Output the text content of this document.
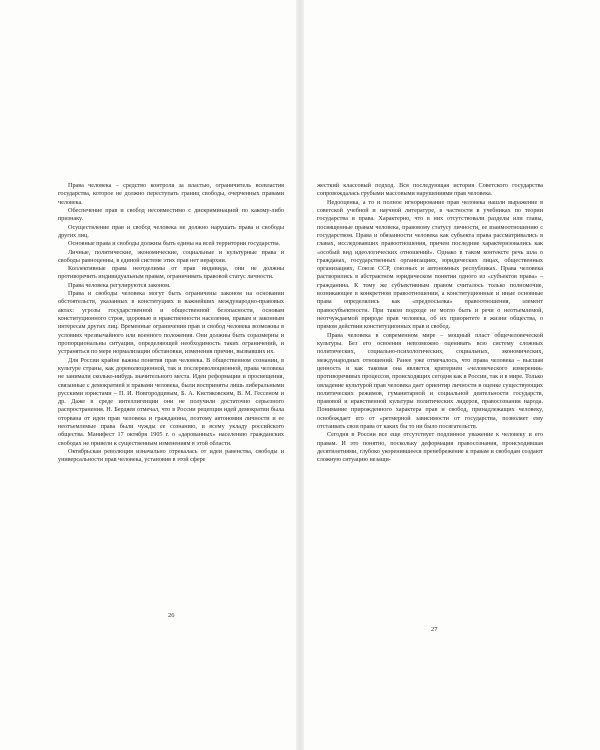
Права человека – средство контроля за властью, ограничитель всевластия государства, которое не должно переступать границ свободы, очерченных правами человека.

Обеспечение прав и свобод несовместимо с дискриминацией по какому-либо признаку.

Осуществление прав и свобод человека не должно нарушать права и свободы других лиц.

Основные права и свободы должны быть едины на всей территории государства.

Личные, политические, экономические, социальные и культурные права и свободы равноценны, в единой системе этих прав нет иерархии.

Коллективные права неотделимы от прав индивида, они не должны противоречить индивидуальным правам, ограничивать правовой статус личности.

Права человека регулируются законом.

Права и свободы человека могут быть ограничены законом на основании обстоятельств, указанных в конституциях и важнейших международно-правовых актах: угрозы государственной и общественной безопасности, основам конституционного строя, здоровью и нравственности населения, правам и законным интересам других лиц. Временные ограничения прав и свобод человека возможны в условиях чрезвычайного или военного положения. Они должны быть соразмерны и пропорциональны ситуации, определяющей необходимость таких ограничений, и устраняться по мере нормализации обстановки, изменения причин, вызвавших их.

Для России крайне важны понятия прав человека. В общественном сознании, в культуре страны, как дореволюционной, так и послереволюционной, права человека не занимали сколько-нибудь значительного места. Идеи реформации и просвещения, связанные с демократией и правами человека, были восприняты лишь либеральными русскими юристами – П. И. Новгородцевым, Б. А. Кистяковским, В. М. Гессеном и др. Даже в среде интеллигенции они не получили достаточно серьезного распространения. Н. Бердяев отмечал, что в России рецепция идей демократии была оторвана от идеи прав человека и гражданина, поэтому автономия личности и ее неотъемлемые права были чужды ее сознанию, и всему укладу российского общества. Манифест 17 октября 1905 г. о «дарованных» населению гражданских свободах не привели к существенным изменениям в этой области.

Октябрьская революция изначально отрекалась от идеи равенства, свободы и универсальности прав человека, установив в этой сфере

26

жесткий классовый подход. Вся последующая история Советского государства сопровождалась грубыми массовыми нарушениями прав человека.

Недооценка, а то и полное игнорирование прав человека нашли выражение в советской учебной и научной литературе, в частности в учебниках по теории государства и права. Характерно, что в них отсутствовали разделы или главы, посвященные правам человека, правовому статусу личности, ее взаимоотношению с государством. Права и обязанности человека как субъекта права рассматривались в главах, исследовавших правоотношения, причем последние характеризовались как «особый вид идеологических отношений». Однако в таком контексте речь шла о гражданах, государственных организациях, юридических лицах, общественных организациях, Союзе ССР, союзных и автономных республиках. Права человека растворились в абстрактном юридическом понятии одного из «субъектов права» – гражданина. К тому же субъективным правом считалось только полномочие, возникающее в конкретном правоотношении, а конституционные и иные основные права определялись как «предпосылка» правоотношения, элемент правосубъектности. При таком подходе не могло быть и речи о неотъемлемой, неотчуждаемой природе прав человека, об их приоритете в жизни общества, о прямом действии конституционных прав и свобод.

Права человека в современном мире – мощный пласт общечеловеческой культуры. Без его освоения невозможно оценивать всю систему сложных политических, социально-психологических, социальных, экономических, международных отношений. Ранее уже отмечалось, что права человека – высшая ценность и как таковая она является критерием «человеческого измерения» противоречивых процессов, происходящих сегодня как в России, так и в мире. Только овладение культурой прав человека дает ориентир личности в оценке существующих политических режимов, гуманитарной и социальной деятельности государств, правовой и нравственной культуры политических лидеров, правосознания народа. Понимание прирожденного характера прав и свобод, принадлежащих человеку, освобождает его от «ретмерной зависимости от государства, позволяет ему отстаивать свои права от каких бы то ни было посягательств.

Сегодня в России все еще отсутствует подлинное уважение к человеку и его правам. И это понятно, поскольку деформация правосознания, происходившая десятилетиями, глубоко укоренившееся пренебрежение к правам и свободам создают сложную ситуацию незащи-

27
